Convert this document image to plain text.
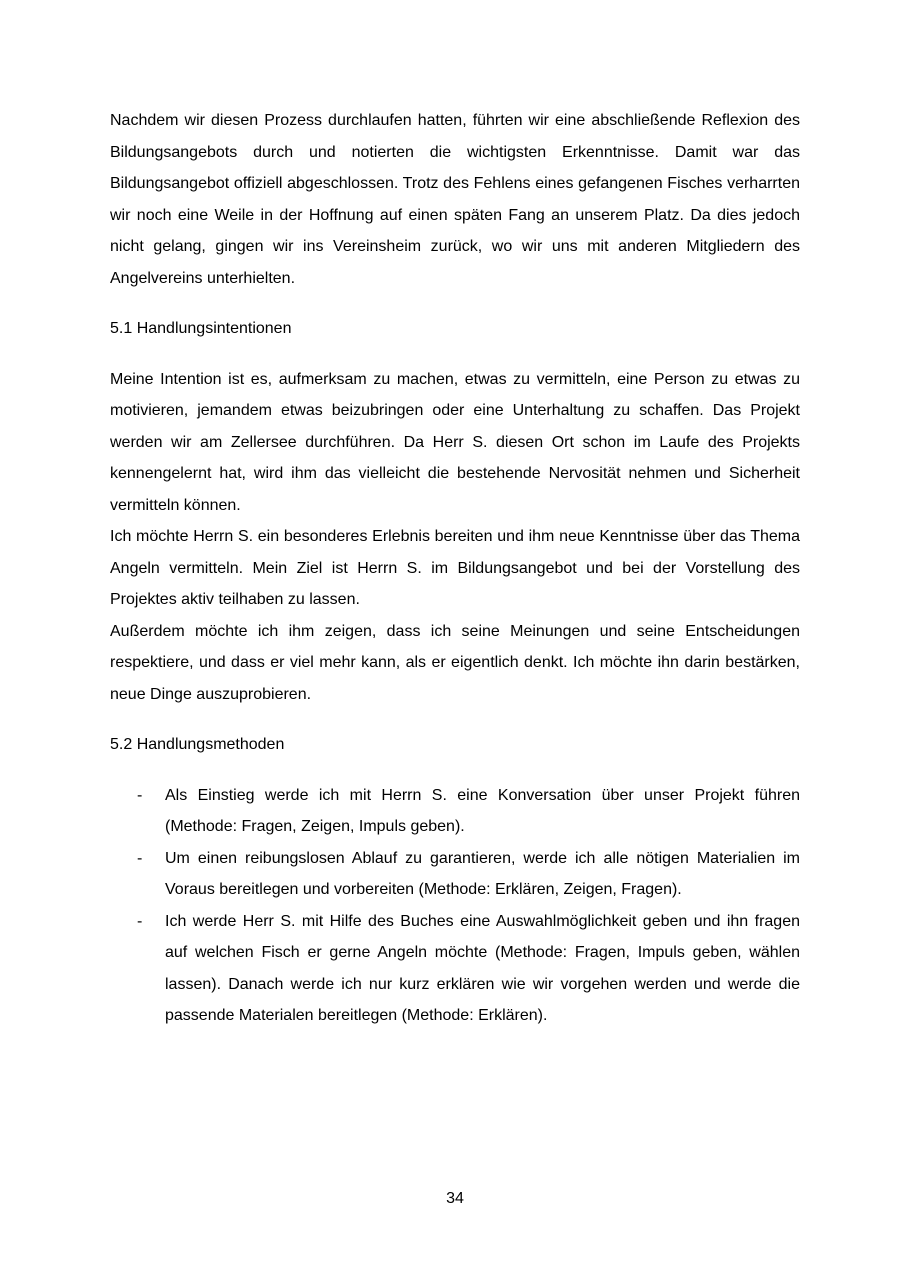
Nachdem wir diesen Prozess durchlaufen hatten, führten wir eine abschließende Reflexion des Bildungsangebots durch und notierten die wichtigsten Erkenntnisse. Damit war das Bildungsangebot offiziell abgeschlossen. Trotz des Fehlens eines gefangenen Fisches verharrten wir noch eine Weile in der Hoffnung auf einen späten Fang an unserem Platz. Da dies jedoch nicht gelang, gingen wir ins Vereinsheim zurück, wo wir uns mit anderen Mitgliedern des Angelvereins unterhielten.

5.1 Handlungsintentionen

Meine Intention ist es, aufmerksam zu machen, etwas zu vermitteln, eine Person zu etwas zu motivieren, jemandem etwas beizubringen oder eine Unterhaltung zu schaffen. Das Projekt werden wir am Zellersee durchführen. Da Herr S. diesen Ort schon im Laufe des Projekts kennengelernt hat, wird ihm das vielleicht die bestehende Nervosität nehmen und Sicherheit vermitteln können.

Ich möchte Herrn S. ein besonderes Erlebnis bereiten und ihm neue Kenntnisse über das Thema Angeln vermitteln. Mein Ziel ist Herrn S. im Bildungsangebot und bei der Vorstellung des Projektes aktiv teilhaben zu lassen.

Außerdem möchte ich ihm zeigen, dass ich seine Meinungen und seine Entscheidungen respektiere, und dass er viel mehr kann, als er eigentlich denkt. Ich möchte ihn darin bestärken, neue Dinge auszuprobieren.

5.2 Handlungsmethoden
- Als Einstieg werde ich mit Herrn S. eine Konversation über unser Projekt führen (Methode: Fragen, Zeigen, Impuls geben).
- Um einen reibungslosen Ablauf zu garantieren, werde ich alle nötigen Materialien im Voraus bereitlegen und vorbereiten (Methode: Erklären, Zeigen, Fragen).
- Ich werde Herr S. mit Hilfe des Buches eine Auswahlmöglichkeit geben und ihn fragen auf welchen Fisch er gerne Angeln möchte (Methode: Fragen, Impuls geben, wählen lassen). Danach werde ich nur kurz erklären wie wir vorgehen werden und werde die passende Materialen bereitlegen (Methode: Erklären).
34
